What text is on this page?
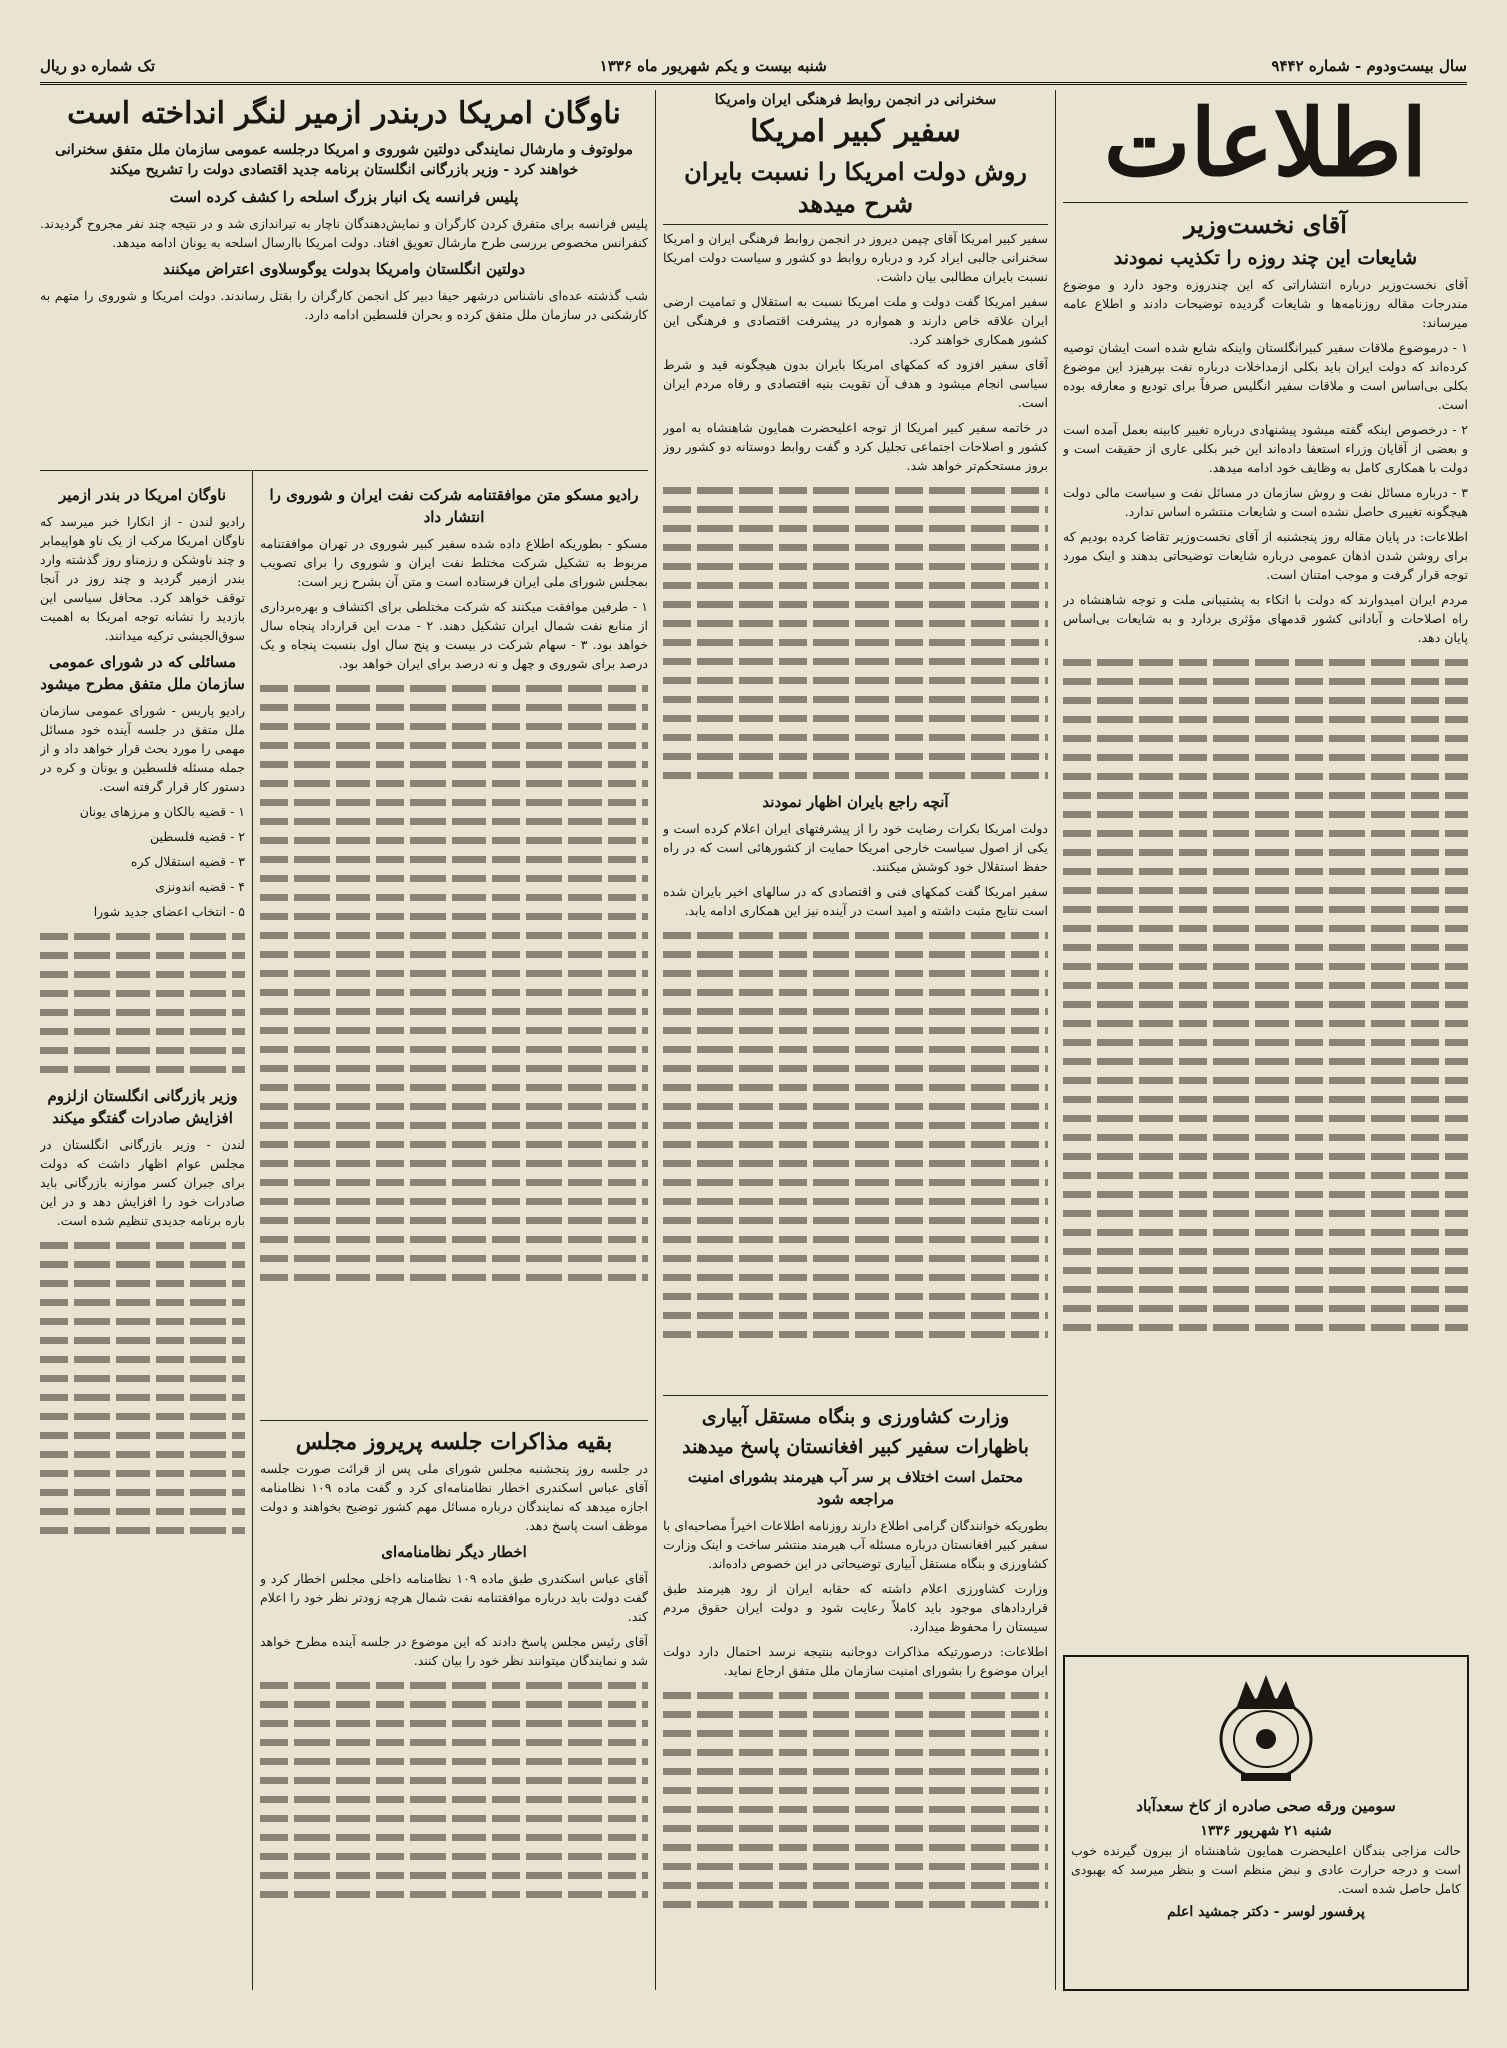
سال بیست‌ودوم - شماره ۹۴۴۲
شنبه بیست و یکم شهریور ماه ۱۳۳۶
تک شماره دو ریال
اطلاعات
آقای نخست‌وزیر
شایعات این چند روزه را تکذیب نمودند

آقای نخست‌وزیر درباره انتشاراتی که این چندروزه وجود دارد و موضوع مندرجات مقاله روزنامه‌ها و شایعات گردیده توضیحات دادند و اطلاع عامه میرساند:

۱ - درموضوع ملاقات سفیر کبیرانگلستان واینکه شایع شده است ایشان توصیه کرده‌اند که دولت ایران باید بکلی ازمداخلات درباره نفت بپرهیزد این موضوع بکلی بی‌اساس است و ملاقات سفیر انگلیس صرفاً برای تودیع و معارفه بوده است.

۲ - درخصوص اینکه گفته میشود پیشنهادی درباره تغییر کابینه بعمل آمده است و بعضی از آقایان وزراء استعفا داده‌اند این خبر بکلی عاری از حقیقت است و دولت با همکاری کامل به وظایف خود ادامه میدهد.

۳ - درباره مسائل نفت و روش سازمان در مسائل نفت و سیاست مالی دولت هیچگونه تغییری حاصل نشده است و شایعات منتشره اساس ندارد.

اطلاعات: در پایان مقاله روز پنجشنبه از آقای نخست‌وزیر تقاضا کرده بودیم که برای روشن شدن اذهان عمومی درباره شایعات توضیحاتی بدهند و اینک مورد توجه قرار گرفت و موجب امتنان است.

مردم ایران امیدوارند که دولت با اتکاء به پشتیبانی ملت و توجه شاهنشاه در راه اصلاحات و آبادانی کشور قدمهای مؤثری بردارد و به شایعات بی‌اساس پایان دهد.

سومین ورقه صحی صادره از کاخ سعدآباد
شنبه ۲۱ شهریور ۱۳۳۶

حالت مزاجی بندگان اعلیحضرت همایون شاهنشاه از بیرون گیرنده خوب است و درجه حرارت عادی و نبض منظم است و بنظر میرسد که بهبودی کامل حاصل شده است.

پرفسور لوسر - دکتر جمشید اعلم
سخنرانی در انجمن روابط فرهنگی ایران وامریکا
سفیر کبیر امریکا
روش دولت امریکا را نسبت بایران شرح میدهد

سفیر کبیر امریکا آقای چپمن دیروز در انجمن روابط فرهنگی ایران و امریکا سخنرانی جالبی ایراد کرد و درباره روابط دو کشور و سیاست دولت امریکا نسبت بایران مطالبی بیان داشت.

سفیر امریکا گفت دولت و ملت امریکا نسبت به استقلال و تمامیت ارضی ایران علاقه خاص دارند و همواره در پیشرفت اقتصادی و فرهنگی این کشور همکاری خواهند کرد.

آقای سفیر افزود که کمکهای امریکا بایران بدون هیچگونه قید و شرط سیاسی انجام میشود و هدف آن تقویت بنیه اقتصادی و رفاه مردم ایران است.

در خاتمه سفیر کبیر امریکا از توجه اعلیحضرت همایون شاهنشاه به امور کشور و اصلاحات اجتماعی تجلیل کرد و گفت روابط دوستانه دو کشور روز بروز مستحکم‌تر خواهد شد.

آنچه راجع بایران اظهار نمودند

دولت امریکا بکرات رضایت خود را از پیشرفتهای ایران اعلام کرده است و یکی از اصول سیاست خارجی امریکا حمایت از کشورهائی است که در راه حفظ استقلال خود کوشش میکنند.

سفیر امریکا گفت کمکهای فنی و اقتصادی که در سالهای اخیر بایران شده است نتایج مثبت داشته و امید است در آینده نیز این همکاری ادامه یابد.

وزارت کشاورزی و بنگاه مستقل آبیاری
باظهارات سفیر کبیر افغانستان پاسخ میدهند
محتمل است اختلاف بر سر آب هیرمند بشورای امنیت مراجعه شود

بطوریکه خوانندگان گرامی اطلاع دارند روزنامه اطلاعات اخیراً مصاحبه‌ای با سفیر کبیر افغانستان درباره مسئله آب هیرمند منتشر ساخت و اینک وزارت کشاورزی و بنگاه مستقل آبیاری توضیحاتی در این خصوص داده‌اند.

وزارت کشاورزی اعلام داشته که حقابه ایران از رود هیرمند طبق قراردادهای موجود باید کاملاً رعایت شود و دولت ایران حقوق مردم سیستان را محفوظ میدارد.

اطلاعات: درصورتیکه مذاکرات دوجانبه بنتیجه نرسد احتمال دارد دولت ایران موضوع را بشورای امنیت سازمان ملل متفق ارجاع نماید.

ناوگان امریکا دربندر ازمیر لنگر انداخته است
مولوتوف و مارشال نمایندگی دولتین شوروی و امریکا درجلسه عمومی سازمان ملل متفق سخنرانی خواهند کرد - وزیر بازرگانی انگلستان برنامه جدید اقتصادی دولت را تشریح میکند
پلیس فرانسه یک انبار بزرگ اسلحه را کشف کرده است

پلیس فرانسه برای متفرق کردن کارگران و نمایش‌دهندگان ناچار به تیراندازی شد و در نتیجه چند نفر مجروح گردیدند. کنفرانس مخصوص بررسی طرح مارشال تعویق افتاد. دولت امریکا باارسال اسلحه به یونان ادامه میدهد.

دولتین انگلستان وامریکا بدولت یوگوسلاوی اعتراض میکنند

شب گذشته عده‌ای ناشناس درشهر حیفا دبیر کل انجمن کارگران را بقتل رساندند. دولت امریکا و شوروی را متهم به کارشکنی در سازمان ملل متفق کرده و بحران فلسطین ادامه دارد.

رادیو مسکو متن موافقتنامه شرکت نفت ایران و شوروی را انتشار داد

مسکو - بطوریکه اطلاع داده شده سفیر کبیر شوروی در تهران موافقتنامه مربوط به تشکیل شرکت مختلط نفت ایران و شوروی را برای تصویب بمجلس شورای ملی ایران فرستاده است و متن آن بشرح زیر است:

۱ - طرفین موافقت میکنند که شرکت مختلطی برای اکتشاف و بهره‌برداری از منابع نفت شمال ایران تشکیل دهند. ۲ - مدت این قرارداد پنجاه سال خواهد بود. ۳ - سهام شرکت در بیست و پنج سال اول بنسبت پنجاه و یک درصد برای شوروی و چهل و نه درصد برای ایران خواهد بود.

بقیه مذاکرات جلسه پریروز مجلس

در جلسه روز پنجشنبه مجلس شورای ملی پس از قرائت صورت جلسه آقای عباس اسکندری اخطار نظامنامه‌ای کرد و گفت ماده ۱۰۹ نظامنامه اجازه میدهد که نمایندگان درباره مسائل مهم کشور توضیح بخواهند و دولت موظف است پاسخ دهد.

اخطار دیگر نظامنامه‌ای

آقای عباس اسکندری طبق ماده ۱۰۹ نظامنامه داخلی مجلس اخطار کرد و گفت دولت باید درباره موافقتنامه نفت شمال هرچه زودتر نظر خود را اعلام کند.

آقای رئیس مجلس پاسخ دادند که این موضوع در جلسه آینده مطرح خواهد شد و نمایندگان میتوانند نظر خود را بیان کنند.

ناوگان امریکا در بندر ازمیر

رادیو لندن - از انکارا خبر میرسد که ناوگان امریکا مرکب از یک ناو هواپیمابر و چند ناوشکن و رزمناو روز گذشته وارد بندر ازمیر گردید و چند روز در آنجا توقف خواهد کرد. محافل سیاسی این بازدید را نشانه توجه امریکا به اهمیت سوق‌الجیشی ترکیه میدانند.

مسائلی که در شورای عمومی سازمان ملل متفق مطرح میشود

رادیو پاریس - شورای عمومی سازمان ملل متفق در جلسه آینده خود مسائل مهمی را مورد بحث قرار خواهد داد و از جمله مسئله فلسطین و یونان و کره در دستور کار قرار گرفته است.

۱ - قضیه بالکان و مرزهای یونان

۲ - قضیه فلسطین

۳ - قضیه استقلال کره

۴ - قضیه اندونزی

۵ - انتخاب اعضای جدید شورا

وزیر بازرگانی انگلستان ازلزوم افزایش صادرات گفتگو میکند

لندن - وزیر بازرگانی انگلستان در مجلس عوام اظهار داشت که دولت برای جبران کسر موازنه بازرگانی باید صادرات خود را افزایش دهد و در این باره برنامه جدیدی تنظیم شده است.
